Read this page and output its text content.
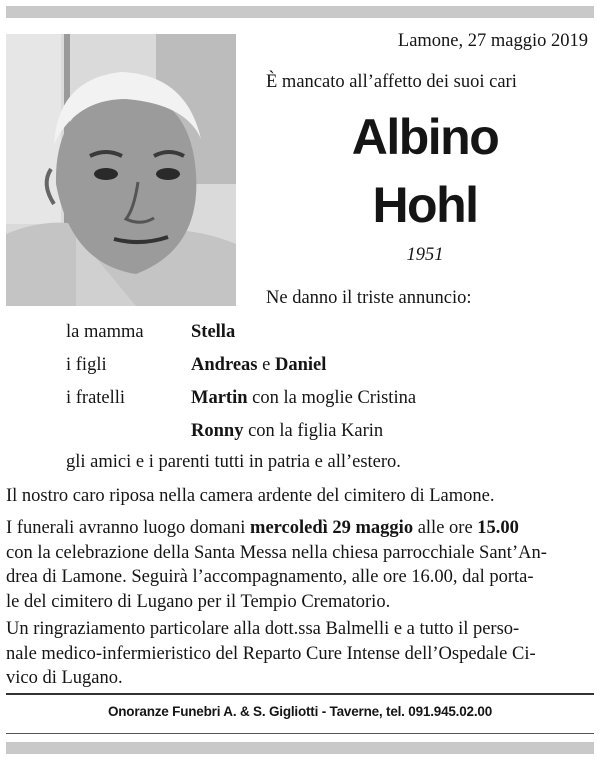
Lamone, 27 maggio 2019
È mancato all’affetto dei suoi cari
Albino
Hohl
1951
Ne danno il triste annuncio:
la mamma	Stella
i figli	Andreas e Daniel
i fratelli	Martin con la moglie Cristina
Ronny con la figlia Karin
gli amici e i parenti tutti in patria e all’estero.
Il nostro caro riposa nella camera ardente del cimitero di Lamone.
I funerali avranno luogo domani mercoledì 29 maggio alle ore 15.00
con la celebrazione della Santa Messa nella chiesa parrocchiale Sant’An-
drea di Lamone. Seguirà l’accompagnamento, alle ore 16.00, dal porta-
le del cimitero di Lugano per il Tempio Crematorio.
Un ringraziamento particolare alla dott.ssa Balmelli e a tutto il perso-
nale medico-infermieristico del Reparto Cure Intense dell’Ospedale Ci-
vico di Lugano.
Onoranze Funebri A. & S. Gigliotti - Taverne, tel. 091.945.02.00
